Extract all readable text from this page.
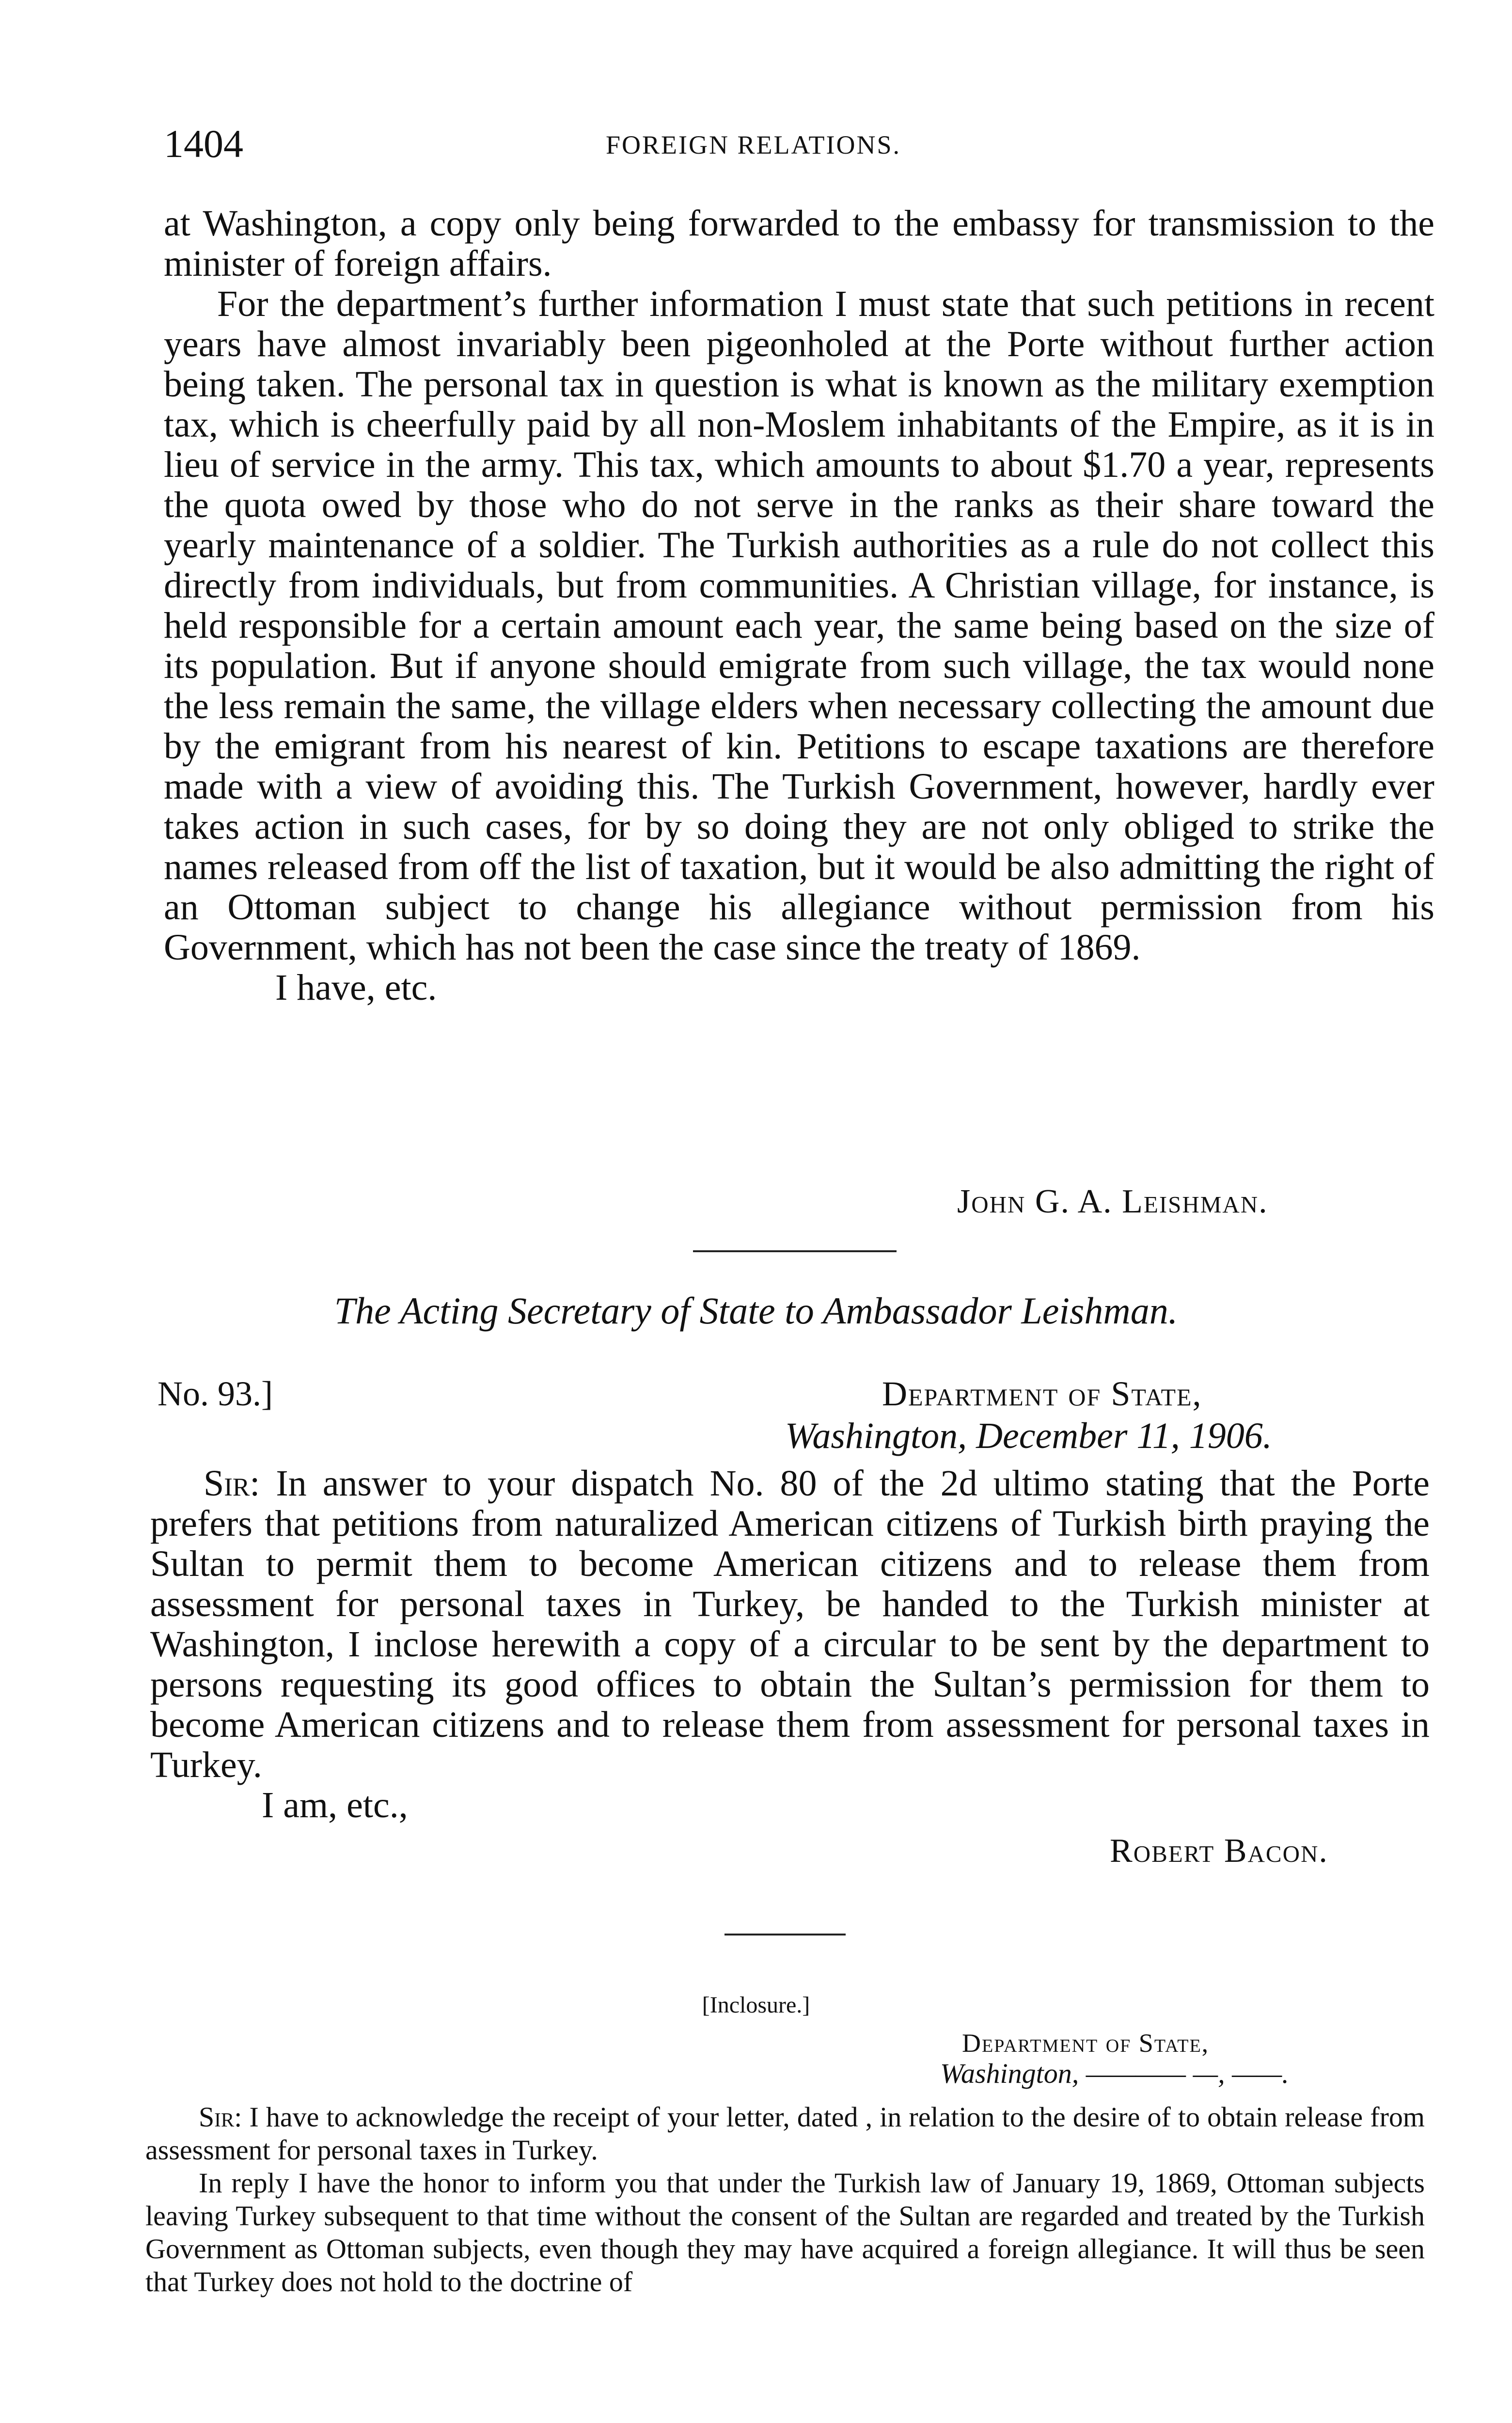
1404	FOREIGN RELATIONS.

at Washington, a copy only being forwarded to the embassy for transmission to the minister of foreign affairs.

For the department’s further information I must state that such petitions in recent years have almost invariably been pigeonholed at the Porte without further action being taken. The personal tax in question is what is known as the military exemption tax, which is cheerfully paid by all non-Moslem inhabitants of the Empire, as it is in lieu of service in the army. This tax, which amounts to about $1.70 a year, represents the quota owed by those who do not serve in the ranks as their share toward the yearly maintenance of a soldier. The Turkish authorities as a rule do not collect this directly from individuals, but from communities. A Christian village, for instance, is held responsible for a certain amount each year, the same being based on the size of its population. But if anyone should emigrate from such village, the tax would none the less remain the same, the village elders when necessary collecting the amount due by the emigrant from his nearest of kin. Petitions to escape taxations are therefore made with a view of avoiding this. The Turkish Government, however, hardly ever takes action in such cases, for by so doing they are not only obliged to strike the names released from off the list of taxation, but it would be also admitting the right of an Ottoman subject to change his allegiance without permission from his Government, which has not been the case since the treaty of 1869.

I have, etc.

John G. A. Leishman.
The Acting Secretary of State to Ambassador Leishman.
No. 93.]	Department of State,
Washington, December 11, 1906.

Sir: In answer to your dispatch No. 80 of the 2d ultimo stating that the Porte prefers that petitions from naturalized American citizens of Turkish birth praying the Sultan to permit them to become American citizens and to release them from assessment for personal taxes in Turkey, be handed to the Turkish minister at Washington, I inclose herewith a copy of a circular to be sent by the department to persons requesting its good offices to obtain the Sultan’s permission for them to become American citizens and to release them from assessment for personal taxes in Turkey.

I am, etc.,

Robert Bacon.
[Inclosure.]
Department of State,
Washington, ———— —, ——.

Sir: I have to acknowledge the receipt of your letter, dated , in relation to the desire of to obtain release from assessment for personal taxes in Turkey.

In reply I have the honor to inform you that under the Turkish law of January 19, 1869, Ottoman subjects leaving Turkey subsequent to that time without the consent of the Sultan are regarded and treated by the Turkish Government as Ottoman subjects, even though they may have acquired a foreign allegiance. It will thus be seen that Turkey does not hold to the doctrine of
